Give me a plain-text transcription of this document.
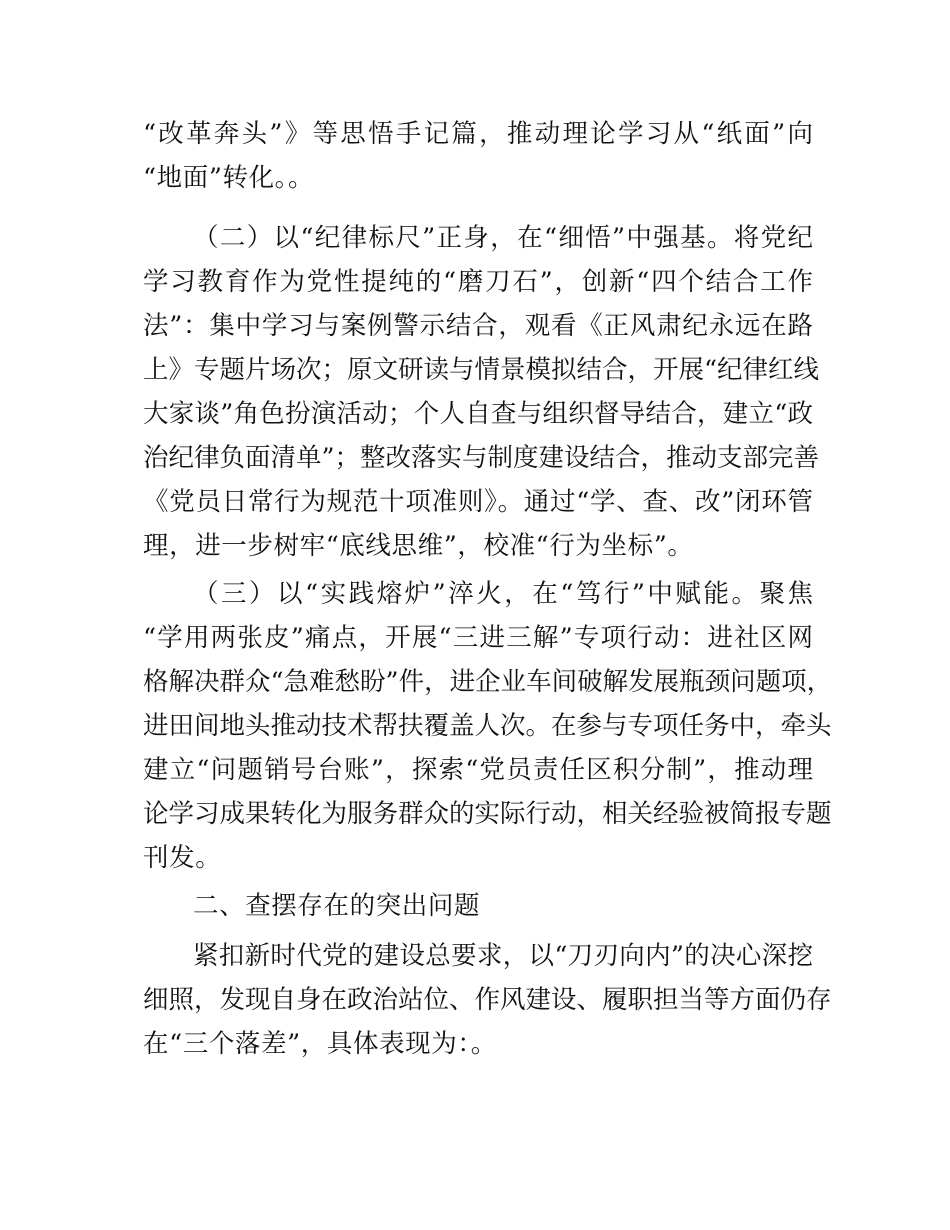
“改革奔头”》等思悟手记篇，推动理论学习从“纸面”向
“地面”转化。。
（二）以“纪律标尺”正身，在“细悟”中强基。将党纪
学习教育作为党性提纯的“磨刀石”，创新“四个结合工作
法”：集中学习与案例警示结合，观看《正风肃纪永远在路
上》专题片场次；原文研读与情景模拟结合，开展“纪律红线
大家谈”角色扮演活动；个人自查与组织督导结合，建立“政
治纪律负面清单”；整改落实与制度建设结合，推动支部完善
《党员日常行为规范十项准则》。通过“学、查、改”闭环管
理，进一步树牢“底线思维”，校准“行为坐标”。
（三）以“实践熔炉”淬火，在“笃行”中赋能。聚焦
“学用两张皮”痛点，开展“三进三解”专项行动：进社区网
格解决群众“急难愁盼”件，进企业车间破解发展瓶颈问题项，
进田间地头推动技术帮扶覆盖人次。在参与专项任务中，牵头
建立“问题销号台账”，探索“党员责任区积分制”，推动理
论学习成果转化为服务群众的实际行动，相关经验被简报专题
刊发。
二、查摆存在的突出问题
紧扣新时代党的建设总要求，以“刀刃向内”的决心深挖
细照，发现自身在政治站位、作风建设、履职担当等方面仍存
在“三个落差”，具体表现为：。
